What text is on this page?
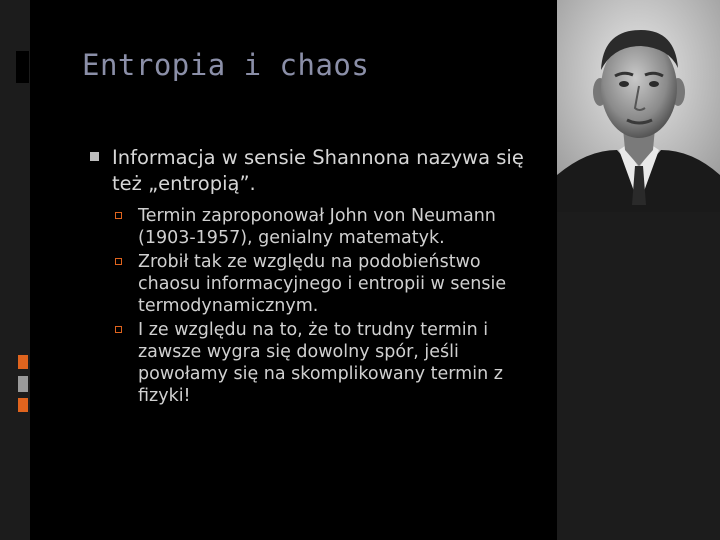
Entropia i chaos
Informacja w sensie Shannona nazywa się też „entropią”.
Termin zaproponował John von Neumann (1903-1957), genialny matematyk.
Zrobił tak ze względu na podobieństwo chaosu informacyjnego i entropii w sensie termodynamicznym.
I ze względu na to, że to trudny termin i zawsze wygra się dowolny spór, jeśli powołamy się na skomplikowany termin z fizyki!
